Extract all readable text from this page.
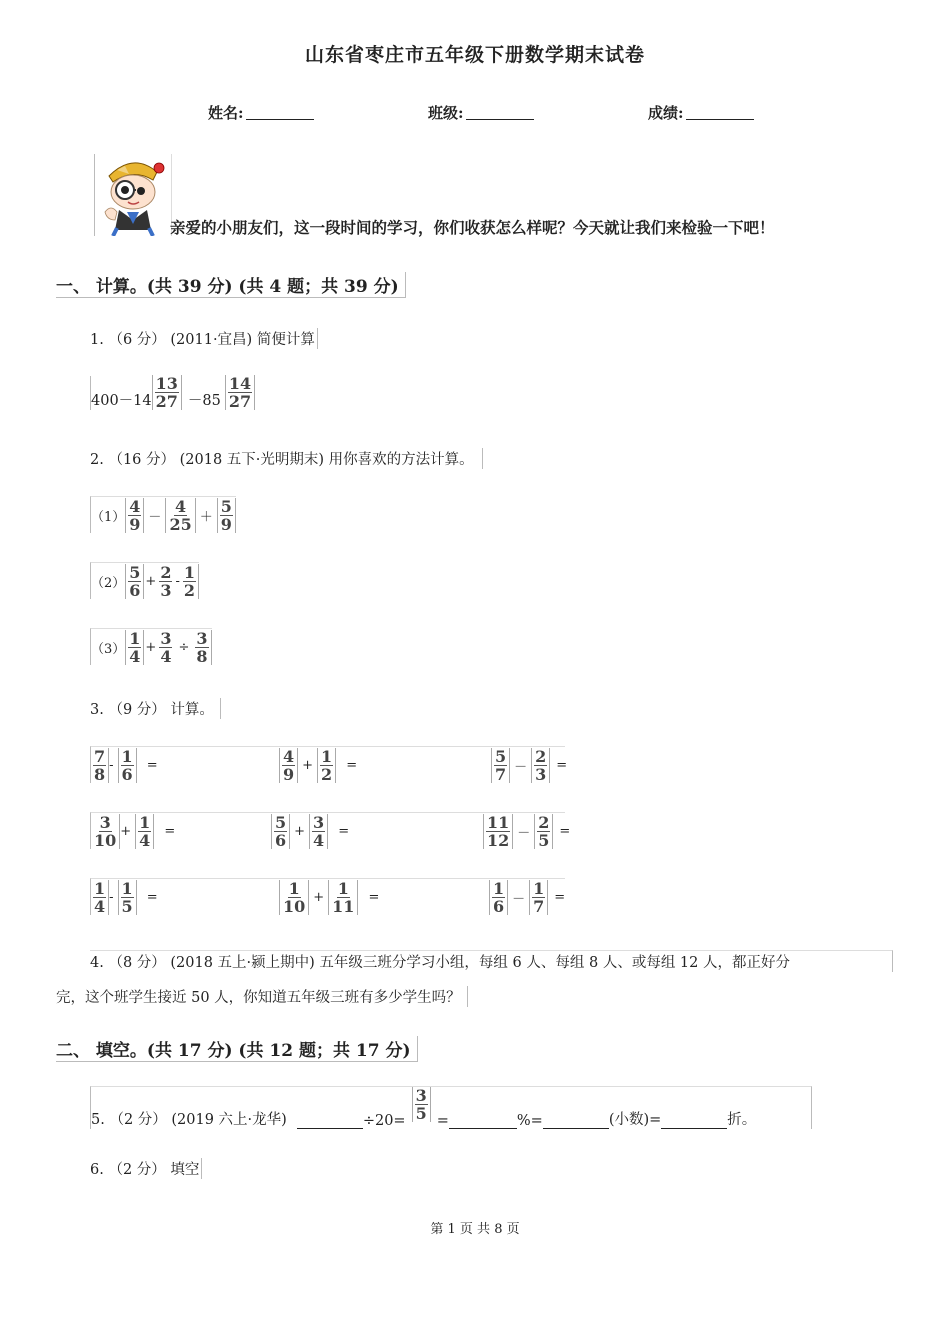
山东省枣庄市五年级下册数学期末试卷
姓名:	班级:	成绩:
亲爱的小朋友们，这一段时间的学习，你们收获怎么样呢？今天就让我们来检验一下吧！
一、 计算。(共 39 分) (共 4 题；共 39 分)
1. （6 分） (2011·宜昌) 简便计算
$400-14 \frac{13}{27} -85 \frac{14}{27}$
2. （16 分） (2018 五下·光明期末) 用你喜欢的方法计算。
$(1) \frac{4}{9} - \frac{4}{25} + \frac{5}{9}$
$(2) \frac{5}{6} + \frac{2}{3} - \frac{1}{2}$
$(3) \frac{1}{4} + \frac{3}{4} \div \frac{3}{8}$
3. （9 分） 计算。
$\frac{7}{8} - \frac{1}{6}$ =	$\frac{4}{9} + \frac{1}{2}$ =	$\frac{5}{7} - \frac{2}{3}$ =
$\frac{3}{10} + \frac{1}{4}$ =	$\frac{5}{6} + \frac{3}{4}$ =	$\frac{11}{12} - \frac{2}{5}$ =
$\frac{1}{4} - \frac{1}{5}$ =	$\frac{1}{10} + \frac{1}{11}$ =	$\frac{1}{6} - \frac{1}{7}$ =
4. （8 分） (2018 五上·颍上期中) 五年级三班分学习小组，每组 6 人、每组 8 人、或每组 12 人，都正好分
完，这个班学生接近 50 人，你知道五年级三班有多少学生吗？
二、 填空。(共 17 分) (共 12 题；共 17 分)
5. （2 分） (2019 六上·龙华)	$\div 20= \frac{3}{5}$ =	%=	(小数)=	折。
6. （2 分） 填空
第 1 页 共 8 页
